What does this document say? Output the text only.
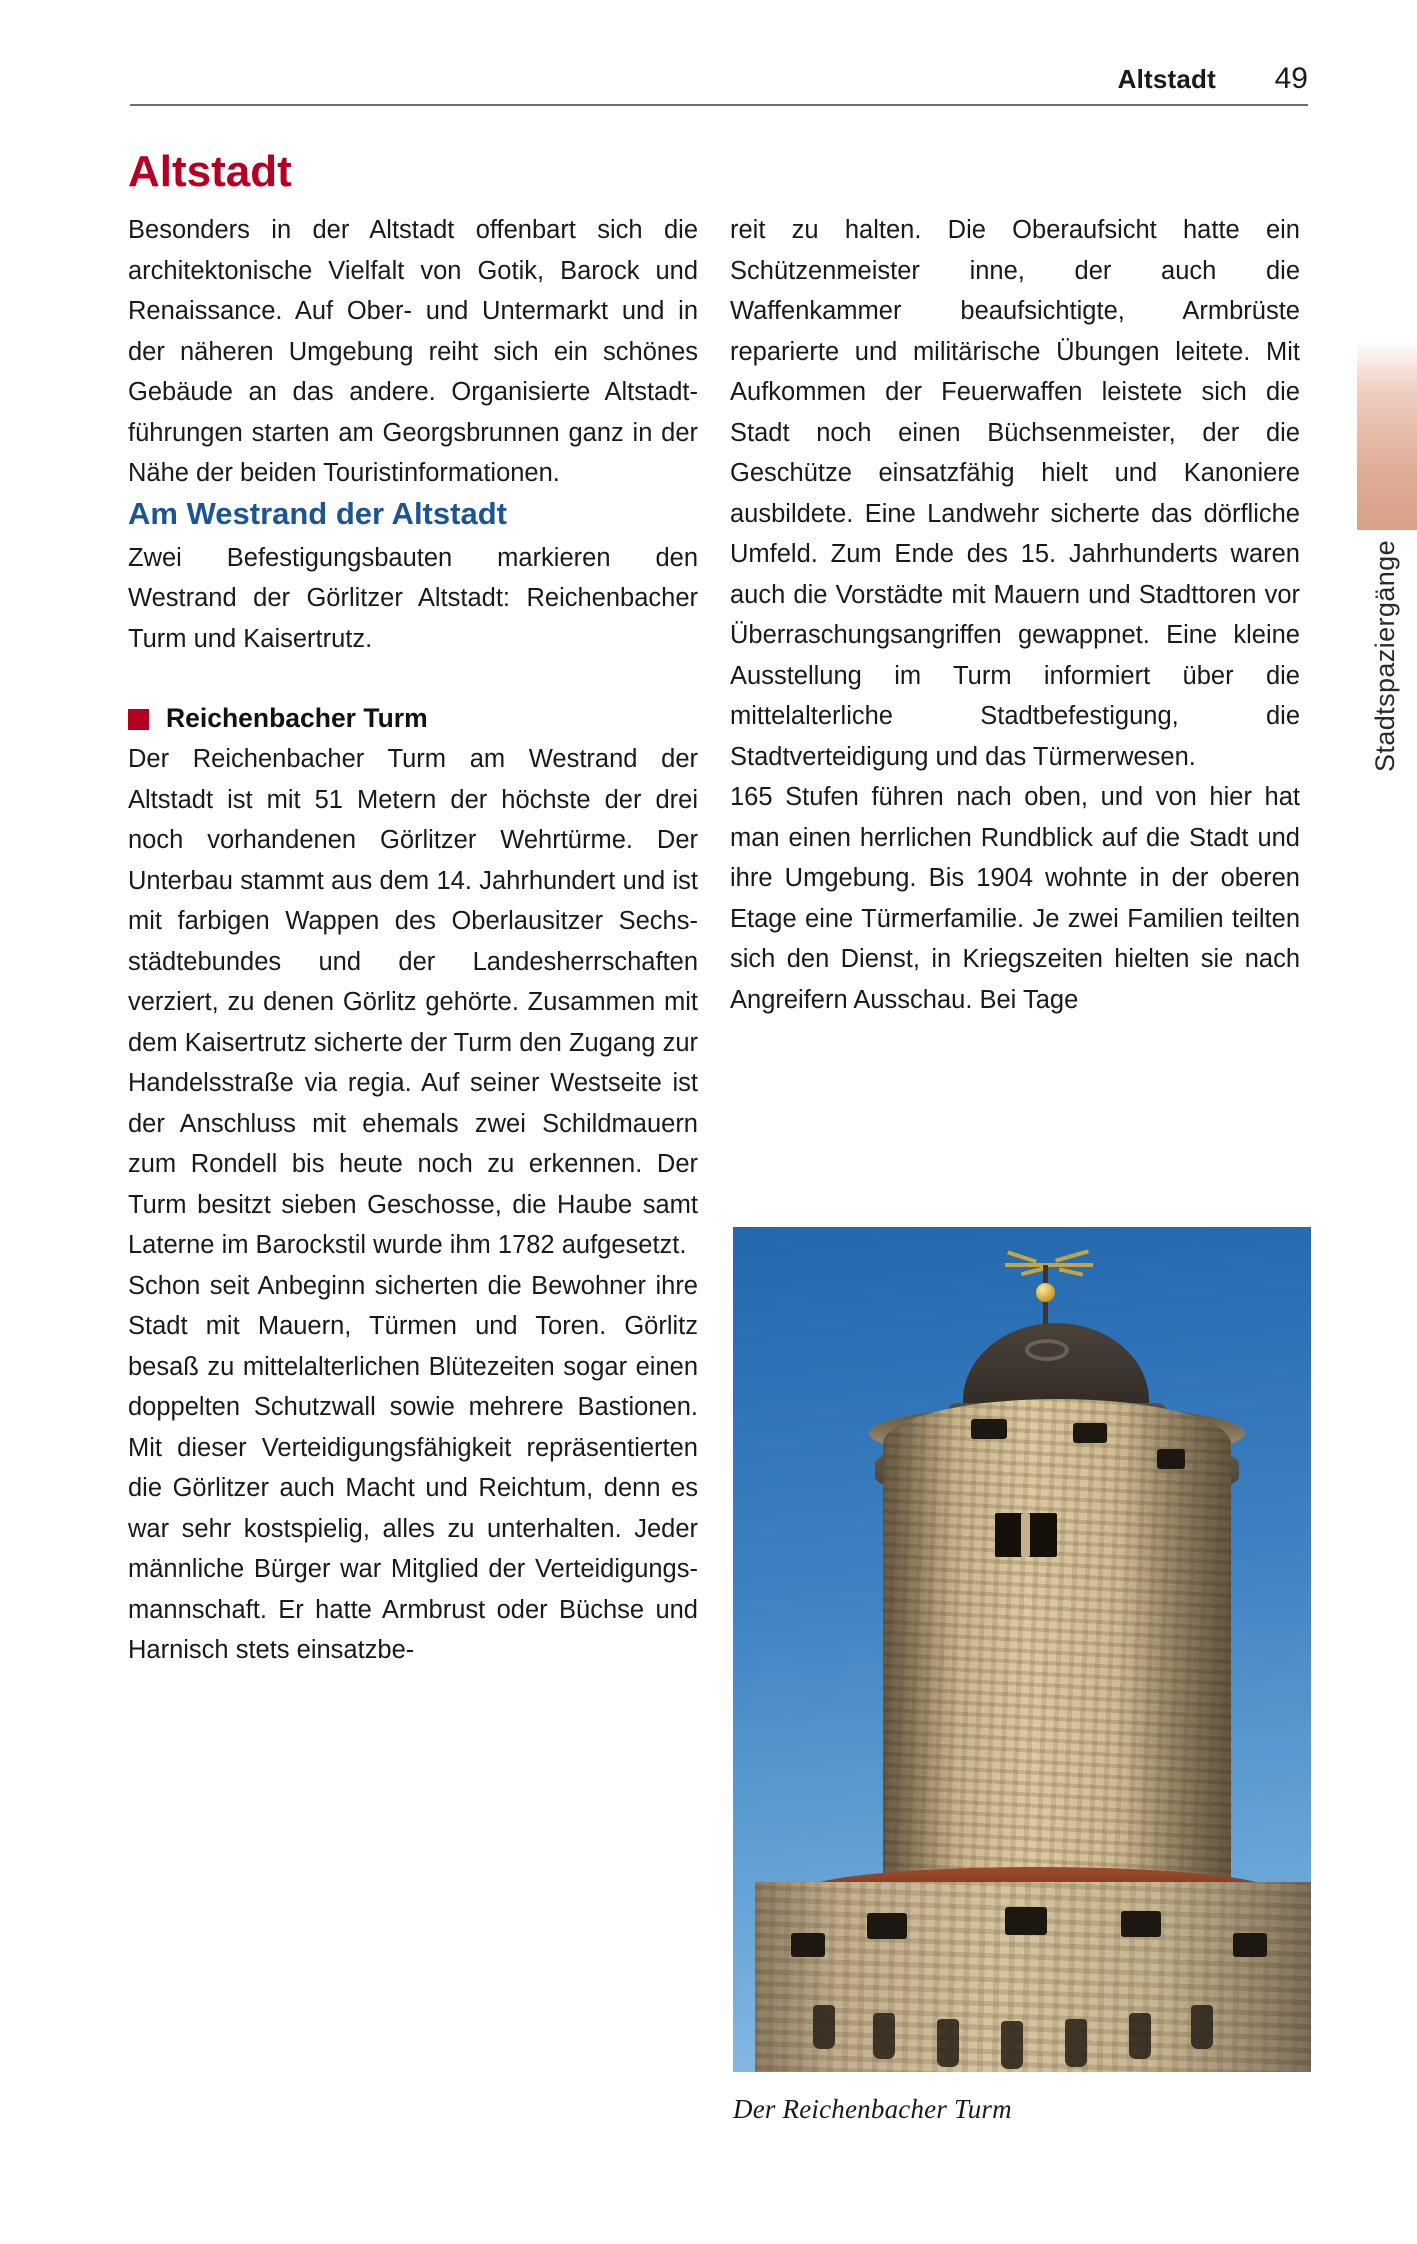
Altstadt	49
Altstadt

Besonders in der Altstadt offenbart sich die architektonische Vielfalt von Gotik, Barock und Renaissance. Auf Ober- und Untermarkt und in der näheren Umgebung reiht sich ein schönes Gebäude an das andere. Organisierte Altstadtführungen starten am Georgsbrunnen ganz in der Nähe der beiden Touristinformationen.

Am Westrand der Altstadt

Zwei Befestigungsbauten markieren den Westrand der Görlitzer Altstadt: Reichenbacher Turm und Kaisertrutz.

Reichenbacher Turm

Der Reichenbacher Turm am Westrand der Altstadt ist mit 51 Metern der höchste der drei noch vorhandenen Görlitzer Wehrtürme. Der Unterbau stammt aus dem 14. Jahrhundert und ist mit farbigen Wappen des Oberlausitzer Sechsstädtebundes und der Landesherrschaften verziert, zu denen Görlitz gehörte. Zusammen mit dem Kaisertrutz sicherte der Turm den Zugang zur Handelsstraße via regia. Auf seiner Westseite ist der Anschluss mit ehemals zwei Schildmauern zum Rondell bis heute noch zu erkennen. Der Turm besitzt sieben Geschosse, die Haube samt Laterne im Barockstil wurde ihm 1782 aufgesetzt.

Schon seit Anbeginn sicherten die Bewohner ihre Stadt mit Mauern, Türmen und Toren. Görlitz besaß zu mittelalterlichen Blütezeiten sogar einen doppelten Schutzwall sowie mehrere Bastionen. Mit dieser Verteidigungsfähigkeit repräsentierten die Görlitzer auch Macht und Reichtum, denn es war sehr kostspielig, alles zu unterhalten. Jeder männliche Bürger war Mitglied der Verteidigungsmannschaft. Er hatte Armbrust oder Büchse und Harnisch stets einsatzbe-

reit zu halten. Die Oberaufsicht hatte ein Schützenmeister inne, der auch die Waffenkammer beaufsichtigte, Armbrüste reparierte und militärische Übungen leitete. Mit Aufkommen der Feuerwaffen leistete sich die Stadt noch einen Büchsenmeister, der die Geschütze einsatzfähig hielt und Kanoniere ausbildete. Eine Landwehr sicherte das dörfliche Umfeld. Zum Ende des 15. Jahrhunderts waren auch die Vorstädte mit Mauern und Stadttoren vor Überraschungsangriffen gewappnet. Eine kleine Ausstellung im Turm informiert über die mittelalterliche Stadtbefestigung, die Stadtverteidigung und das Türmerwesen.

165 Stufen führen nach oben, und von hier hat man einen herrlichen Rundblick auf die Stadt und ihre Umgebung. Bis 1904 wohnte in der oberen Etage eine Türmerfamilie. Je zwei Familien teilten sich den Dienst, in Kriegszeiten hielten sie nach Angreifern Ausschau. Bei Tage

Der Reichenbacher Turm
Stadtspaziergänge
